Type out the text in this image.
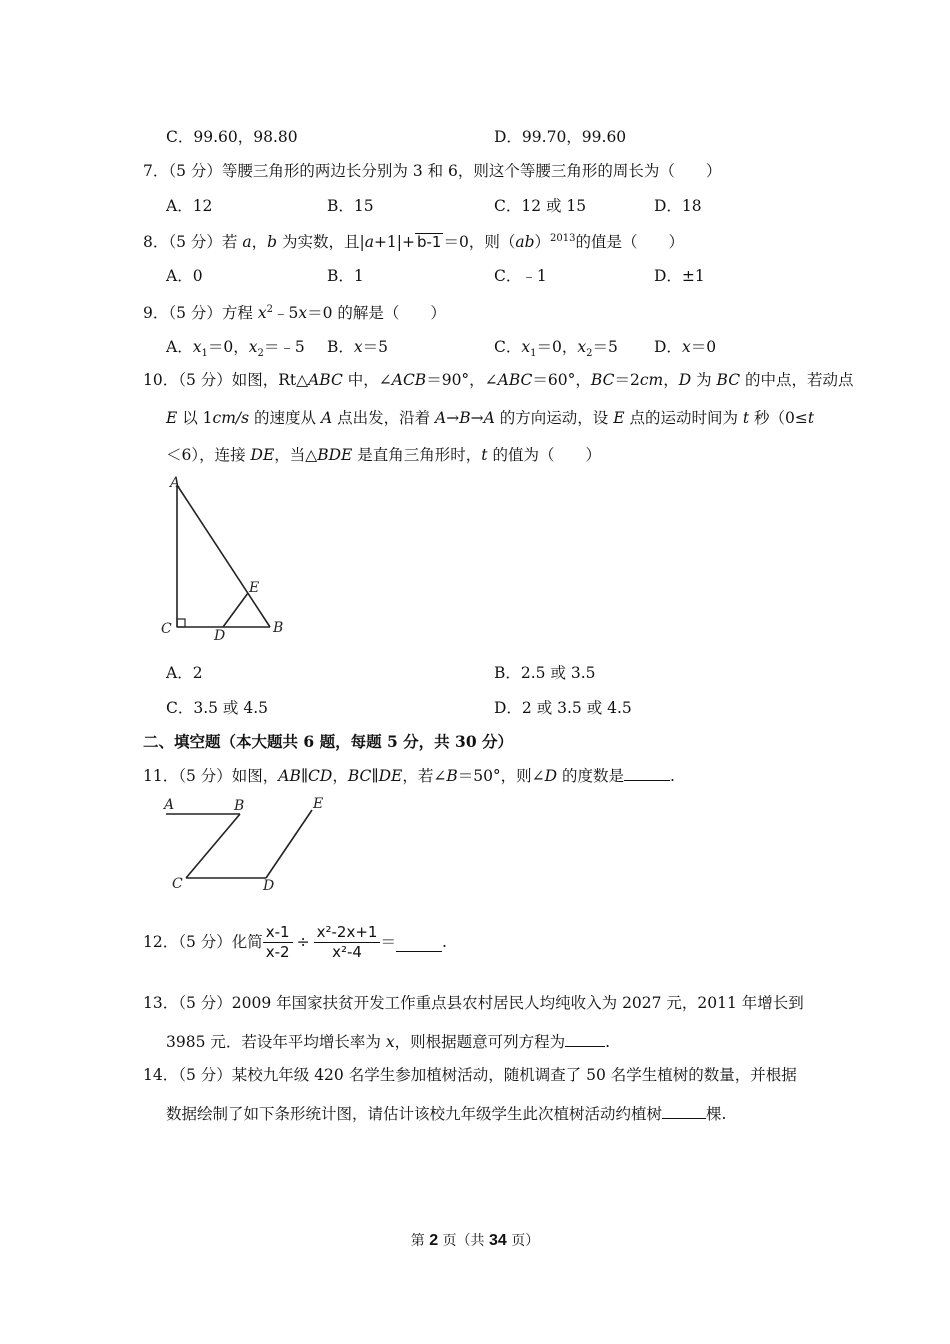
C．99.60，98.80	D．99.70，99.60
7．（5 分）等腰三角形的两边长分别为 3 和 6，则这个等腰三角形的周长为（　　）
A．12	B．15	C．12 或 15	D．18
8．（5 分）若 a，b 为实数，且|a+1|+ b-1 ＝0，则（ab）$^{2013}$的值是（　　）
A．0	B．1	C．﹣1	D．±1
9．（5 分）方程 $x^2﹣5x=0$ 的解是（　　）
A．$x_1=0$，$x_2=﹣5$ B．x＝5	C．$x_1=0$，$x_2=5$ D．x＝0
10．（5 分）如图，Rt△ABC 中，∠ACB＝90°，∠ABC＝60°，BC＝2cm，D 为 BC 的中点，若动点
E 以 1cm/s 的速度从 A 点出发，沿着 A→B→A 的方向运动，设 E 点的运动时间为 t 秒（0≤t
＜6），连接 DE，当△BDE 是直角三角形时，t 的值为（　　）
A
C	D	B
E
A．2	B．2.5 或 3.5
C．3.5 或 4.5	D．2 或 3.5 或 4.5
二、填空题（本大题共 6 题，每题 5 分，共 30 分）
11．（5 分）如图，AB∥CD，BC∥DE，若∠B＝50°，则∠D 的度数是	.
A	B
C	D
E
12．（5 分）化简 $\frac{x-1}{x-2} \div \frac{\text{x²-2x+1}}{\text{x²-4}}$ ＝	.
13．（5 分）2009 年国家扶贫开发工作重点县农村居民人均纯收入为 2027 元，2011 年增长到
3985 元．若设年平均增长率为 x，则根据题意可列方程为	.
14．（5 分）某校九年级 420 名学生参加植树活动，随机调查了 50 名学生植树的数量，并根据
数据绘制了如下条形统计图，请估计该校九年级学生此次植树活动约植树	棵.
第 2 页（共 34 页）
